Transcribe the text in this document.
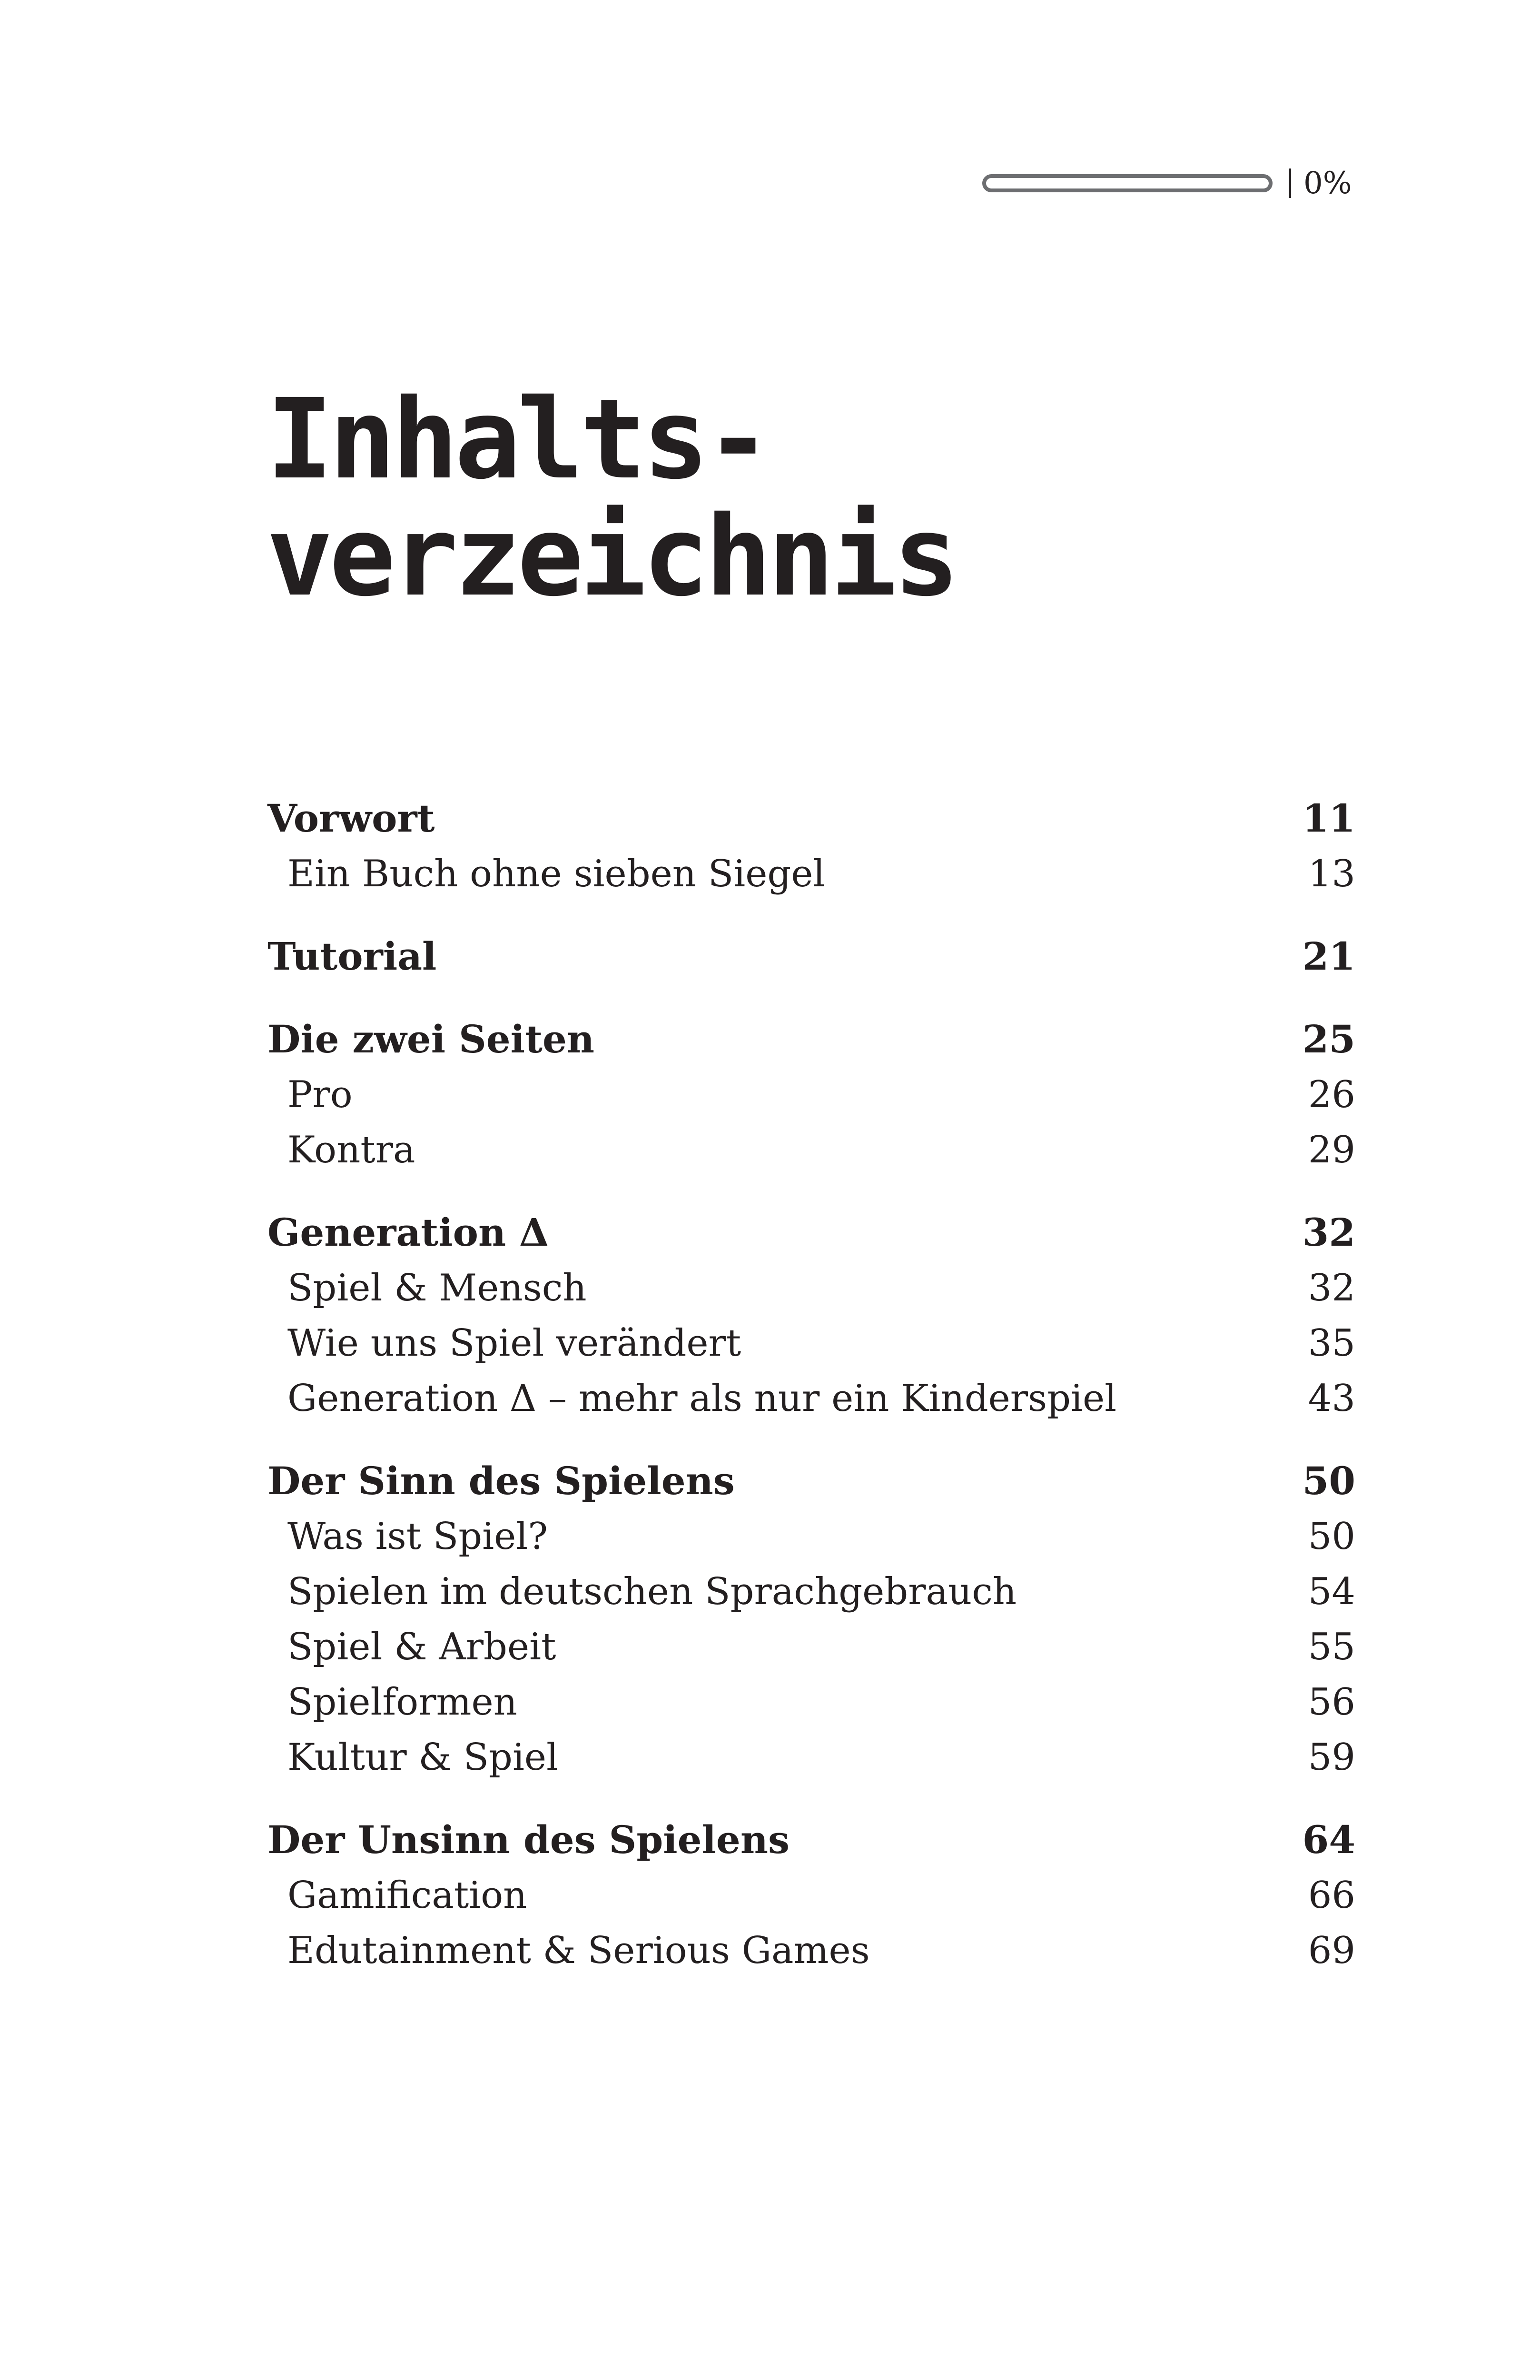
0%
Inhalts-
verzeichnis
Vorwort	11
Ein Buch ohne sieben Siegel	13
Tutorial	21
Die zwei Seiten	25
Pro	26
Kontra	29
Generation Δ	32
Spiel & Mensch	32
Wie uns Spiel verändert	35
Generation Δ – mehr als nur ein Kinderspiel	43
Der Sinn des Spielens	50
Was ist Spiel?	50
Spielen im deutschen Sprachgebrauch	54
Spiel & Arbeit	55
Spielformen	56
Kultur & Spiel	59
Der Unsinn des Spielens	64
Gamification	66
Edutainment & Serious Games	69
